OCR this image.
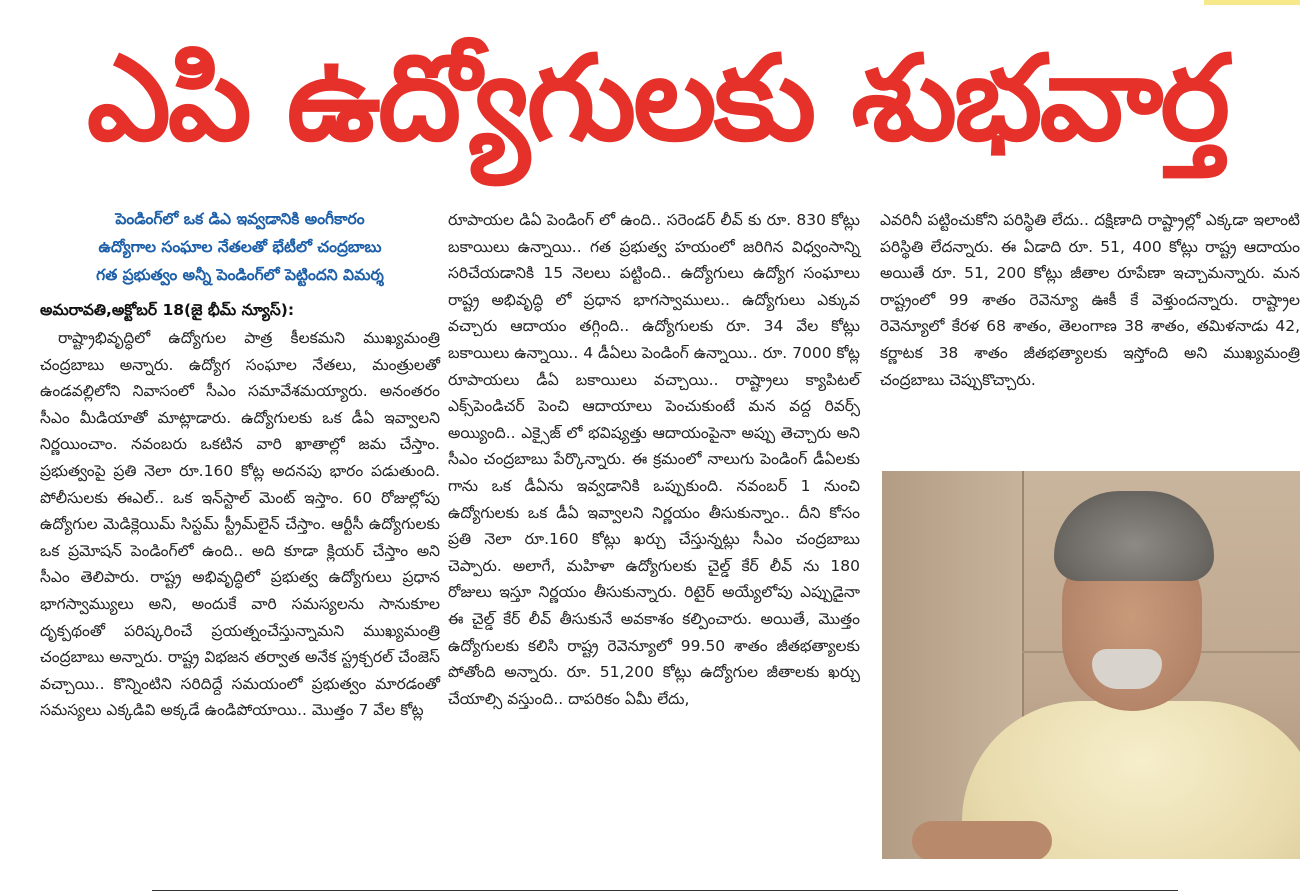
ఎపి ఉద్యోగులకు శుభవార్త
పెండింగ్‌లో ఒక డిఎ ఇవ్వడానికి అంగీకారం
ఉద్యోగాల సంఘాల నేతలతో భేటీలో చంద్రబాబు
గత ప్రభుత్వం అన్నీ పెండింగ్‌లో పెట్టిందని విమర్శ
అమరావతి,అక్టోబర్ 18(జై భీమ్ న్యూస్):

రాష్ట్రాభివృద్ధిలో ఉద్యోగుల పాత్ర కీలకమని ముఖ్యమంత్రి చంద్రబాబు అన్నారు. ఉద్యోగ సంఘాల నేతలు, మంత్రులతో ఉండవల్లిలోని నివాసంలో సీఎం సమావేశమయ్యారు. అనంతరం సీఎం మీడియాతో మాట్లాడారు. ఉద్యోగులకు ఒక డీఏ ఇవ్వాలని నిర్ణయించాం. నవంబరు ఒకటిన వారి ఖాతాల్లో జమ చేస్తాం. ప్రభుత్వంపై ప్రతి నెలా రూ.160 కోట్ల అదనపు భారం పడుతుంది. పోలీసులకు ఈఎల్.. ఒక ఇన్‌స్టాల్ మెంట్ ఇస్తాం. 60 రోజుల్లోపు ఉద్యోగుల మెడిక్లెయిమ్ సిస్టమ్ స్ట్రీమ్‌లైన్ చేస్తాం. ఆర్టీసీ ఉద్యోగులకు ఒక ప్రమోషన్ పెండింగ్‌లో ఉంది.. అది కూడా క్లియర్ చేస్తాం అని సీఎం తెలిపారు. రాష్ట్ర అభివృద్ధిలో ప్రభుత్వ ఉద్యోగులు ప్రధాన భాగస్వామ్యులు అని, అందుకే వారి సమస్యలను సానుకూల దృక్పథంతో పరిష్కరించే ప్రయత్నంచేస్తున్నామని ముఖ్యమంత్రి చంద్రబాబు అన్నారు. రాష్ట్ర విభజన తర్వాత అనేక స్ట్రక్చరల్ చేంజెస్ వచ్చాయి.. కొన్నింటిని సరిదిద్దే సమయంలో ప్రభుత్వం మారడంతో సమస్యలు ఎక్కడివి అక్కడే ఉండిపోయాయి.. మొత్తం 7 వేల కోట్ల

రూపాయల డిఏ పెండింగ్ లో ఉంది.. సరెండర్ లీవ్ కు రూ. 830 కోట్లు బకాయిలు ఉన్నాయి.. గత ప్రభుత్వ హయంలో జరిగిన విధ్వంసాన్ని సరిచేయడానికి 15 నెలలు పట్టింది.. ఉద్యోగులు ఉద్యోగ సంఘాలు రాష్ట్ర అభివృద్ధి లో ప్రధాన భాగస్వాములు.. ఉద్యోగులు ఎక్కువ వచ్చారు ఆదాయం తగ్గింది.. ఉద్యోగులకు రూ. 34 వేల కోట్లు బకాయిలు ఉన్నాయి.. 4 డీఏలు పెండింగ్ ఉన్నాయి.. రూ. 7000 కోట్ల రూపాయలు డీఏ బకాయిలు వచ్చాయి.. రాష్ట్రాలు క్యాపిటల్ ఎక్స్‌పెండిచర్ పెంచి ఆదాయాలు పెంచుకుంటే మన వద్ద రివర్స్ అయ్యింది.. ఎక్సైజ్ లో భవిష్యత్తు ఆదాయంపైనా అప్పు తెచ్చారు అని సీఎం చంద్రబాబు పేర్కొన్నారు. ఈ క్రమంలో నాలుగు పెండింగ్ డీఏలకు గాను ఒక డీఏను ఇవ్వడానికి ఒప్పుకుంది. నవంబర్ 1 నుంచి ఉద్యోగులకు ఒక డీఏ ఇవ్వాలని నిర్ణయం తీసుకున్నాం.. దీని కోసం ప్రతి నెలా రూ.160 కోట్లు ఖర్చు చేస్తున్నట్లు సీఎం చంద్రబాబు చెప్పారు. అలాగే, మహిళా ఉద్యోగులకు చైల్డ్ కేర్ లీవ్ ను 180 రోజులు ఇస్తూ నిర్ణయం తీసుకున్నారు. రిటైర్ అయ్యేలోపు ఎప్పుడైనా ఈ చైల్డ్ కేర్ లీవ్ తీసుకునే అవకాశం కల్పించారు. అయితే, మొత్తం ఉద్యోగులకు కలిసి రాష్ట్ర రెవెన్యూలో 99.50 శాతం జీతభత్యాలకు పోతోంది అన్నారు. రూ. 51,200 కోట్లు ఉద్యోగుల జీతాలకు ఖర్చు చేయాల్సి వస్తుంది.. దాపరికం ఏమీ లేదు,

ఎవరినీ పట్టించుకోని పరిస్థితి లేదు.. దక్షిణాది రాష్ట్రాల్లో ఎక్కడా ఇలాంటి పరిస్థితి లేదన్నారు. ఈ ఏడాది రూ. 51, 400 కోట్లు రాష్ట్ర ఆదాయం అయితే రూ. 51, 200 కోట్లు జీతాల రూపేణా ఇచ్చామన్నారు. మన రాష్ట్రంలో 99 శాతం రెవెన్యూ ఊకీ కే వెళ్తుందన్నారు. రాష్ట్రాల రెవెన్యూలో కేరళ 68 శాతం, తెలంగాణ 38 శాతం, తమిళనాడు 42, కర్ణాటక 38 శాతం జీతభత్యాలకు ఇస్తోంది అని ముఖ్యమంత్రి చంద్రబాబు చెప్పుకొచ్చారు.
